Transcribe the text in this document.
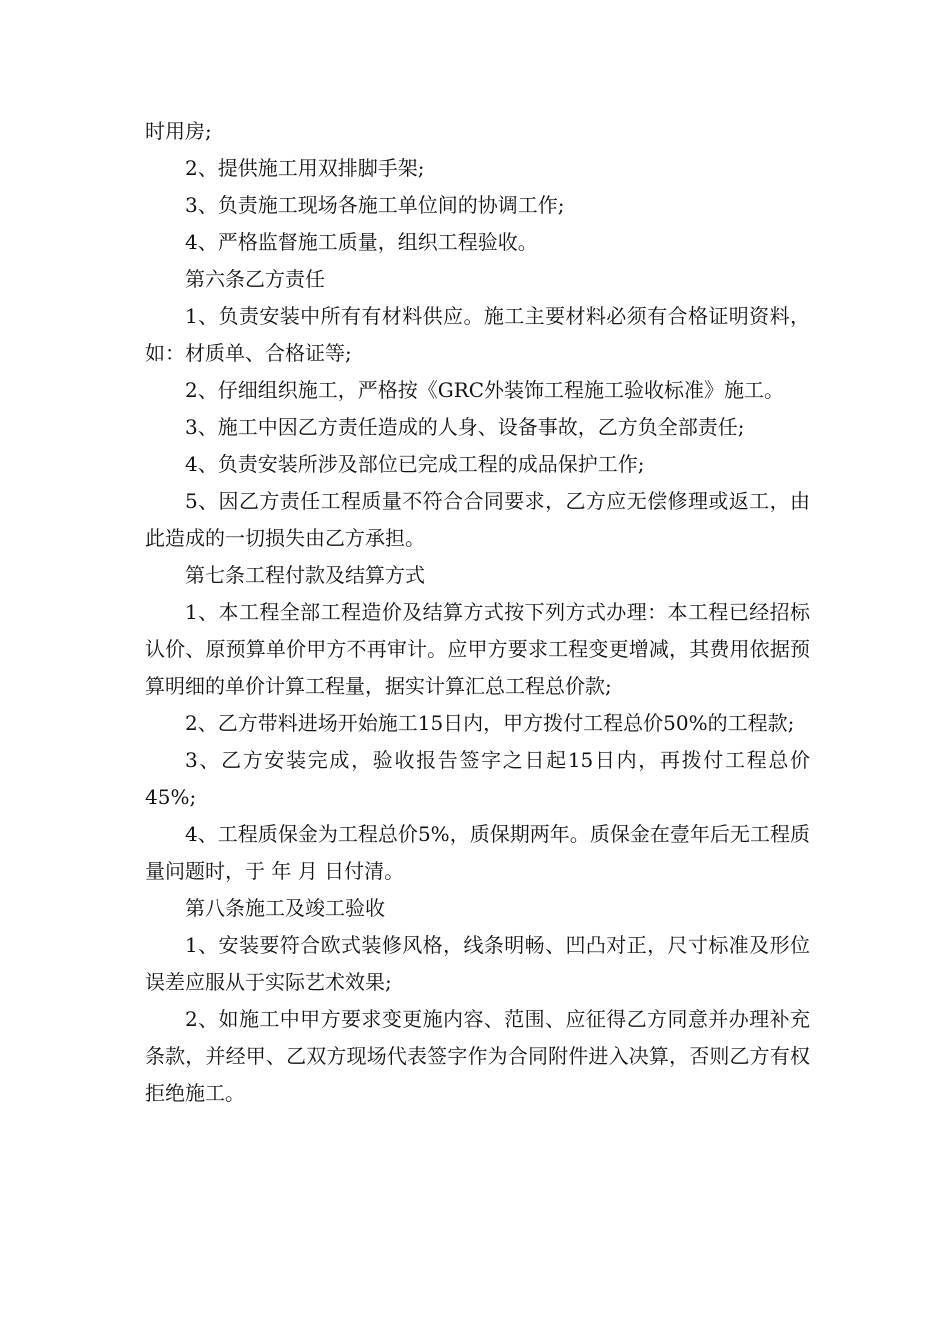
时用房;

2、提供施工用双排脚手架;

3、负责施工现场各施工单位间的协调工作;

4、严格监督施工质量，组织工程验收。

第六条乙方责任

1、负责安装中所有有材料供应。施工主要材料必须有合格证明资料，如：材质单、合格证等;

2、仔细组织施工，严格按《GRC外装饰工程施工验收标准》施工。

3、施工中因乙方责任造成的人身、设备事故，乙方负全部责任;

4、负责安装所涉及部位已完成工程的成品保护工作;

5、因乙方责任工程质量不符合合同要求，乙方应无偿修理或返工，由此造成的一切损失由乙方承担。

第七条工程付款及结算方式

1、本工程全部工程造价及结算方式按下列方式办理：本工程已经招标认价、原预算单价甲方不再审计。应甲方要求工程变更增减，其费用依据预算明细的单价计算工程量，据实计算汇总工程总价款;

2、乙方带料进场开始施工15日内，甲方拨付工程总价50%的工程款;

3、乙方安装完成，验收报告签字之日起15日内，再拨付工程总价45%;

4、工程质保金为工程总价5%，质保期两年。质保金在壹年后无工程质量问题时，于 年 月 日付清。

第八条施工及竣工验收

1、安装要符合欧式装修风格，线条明畅、凹凸对正，尺寸标准及形位误差应服从于实际艺术效果;

2、如施工中甲方要求变更施内容、范围、应征得乙方同意并办理补充条款，并经甲、乙双方现场代表签字作为合同附件进入决算，否则乙方有权拒绝施工。
